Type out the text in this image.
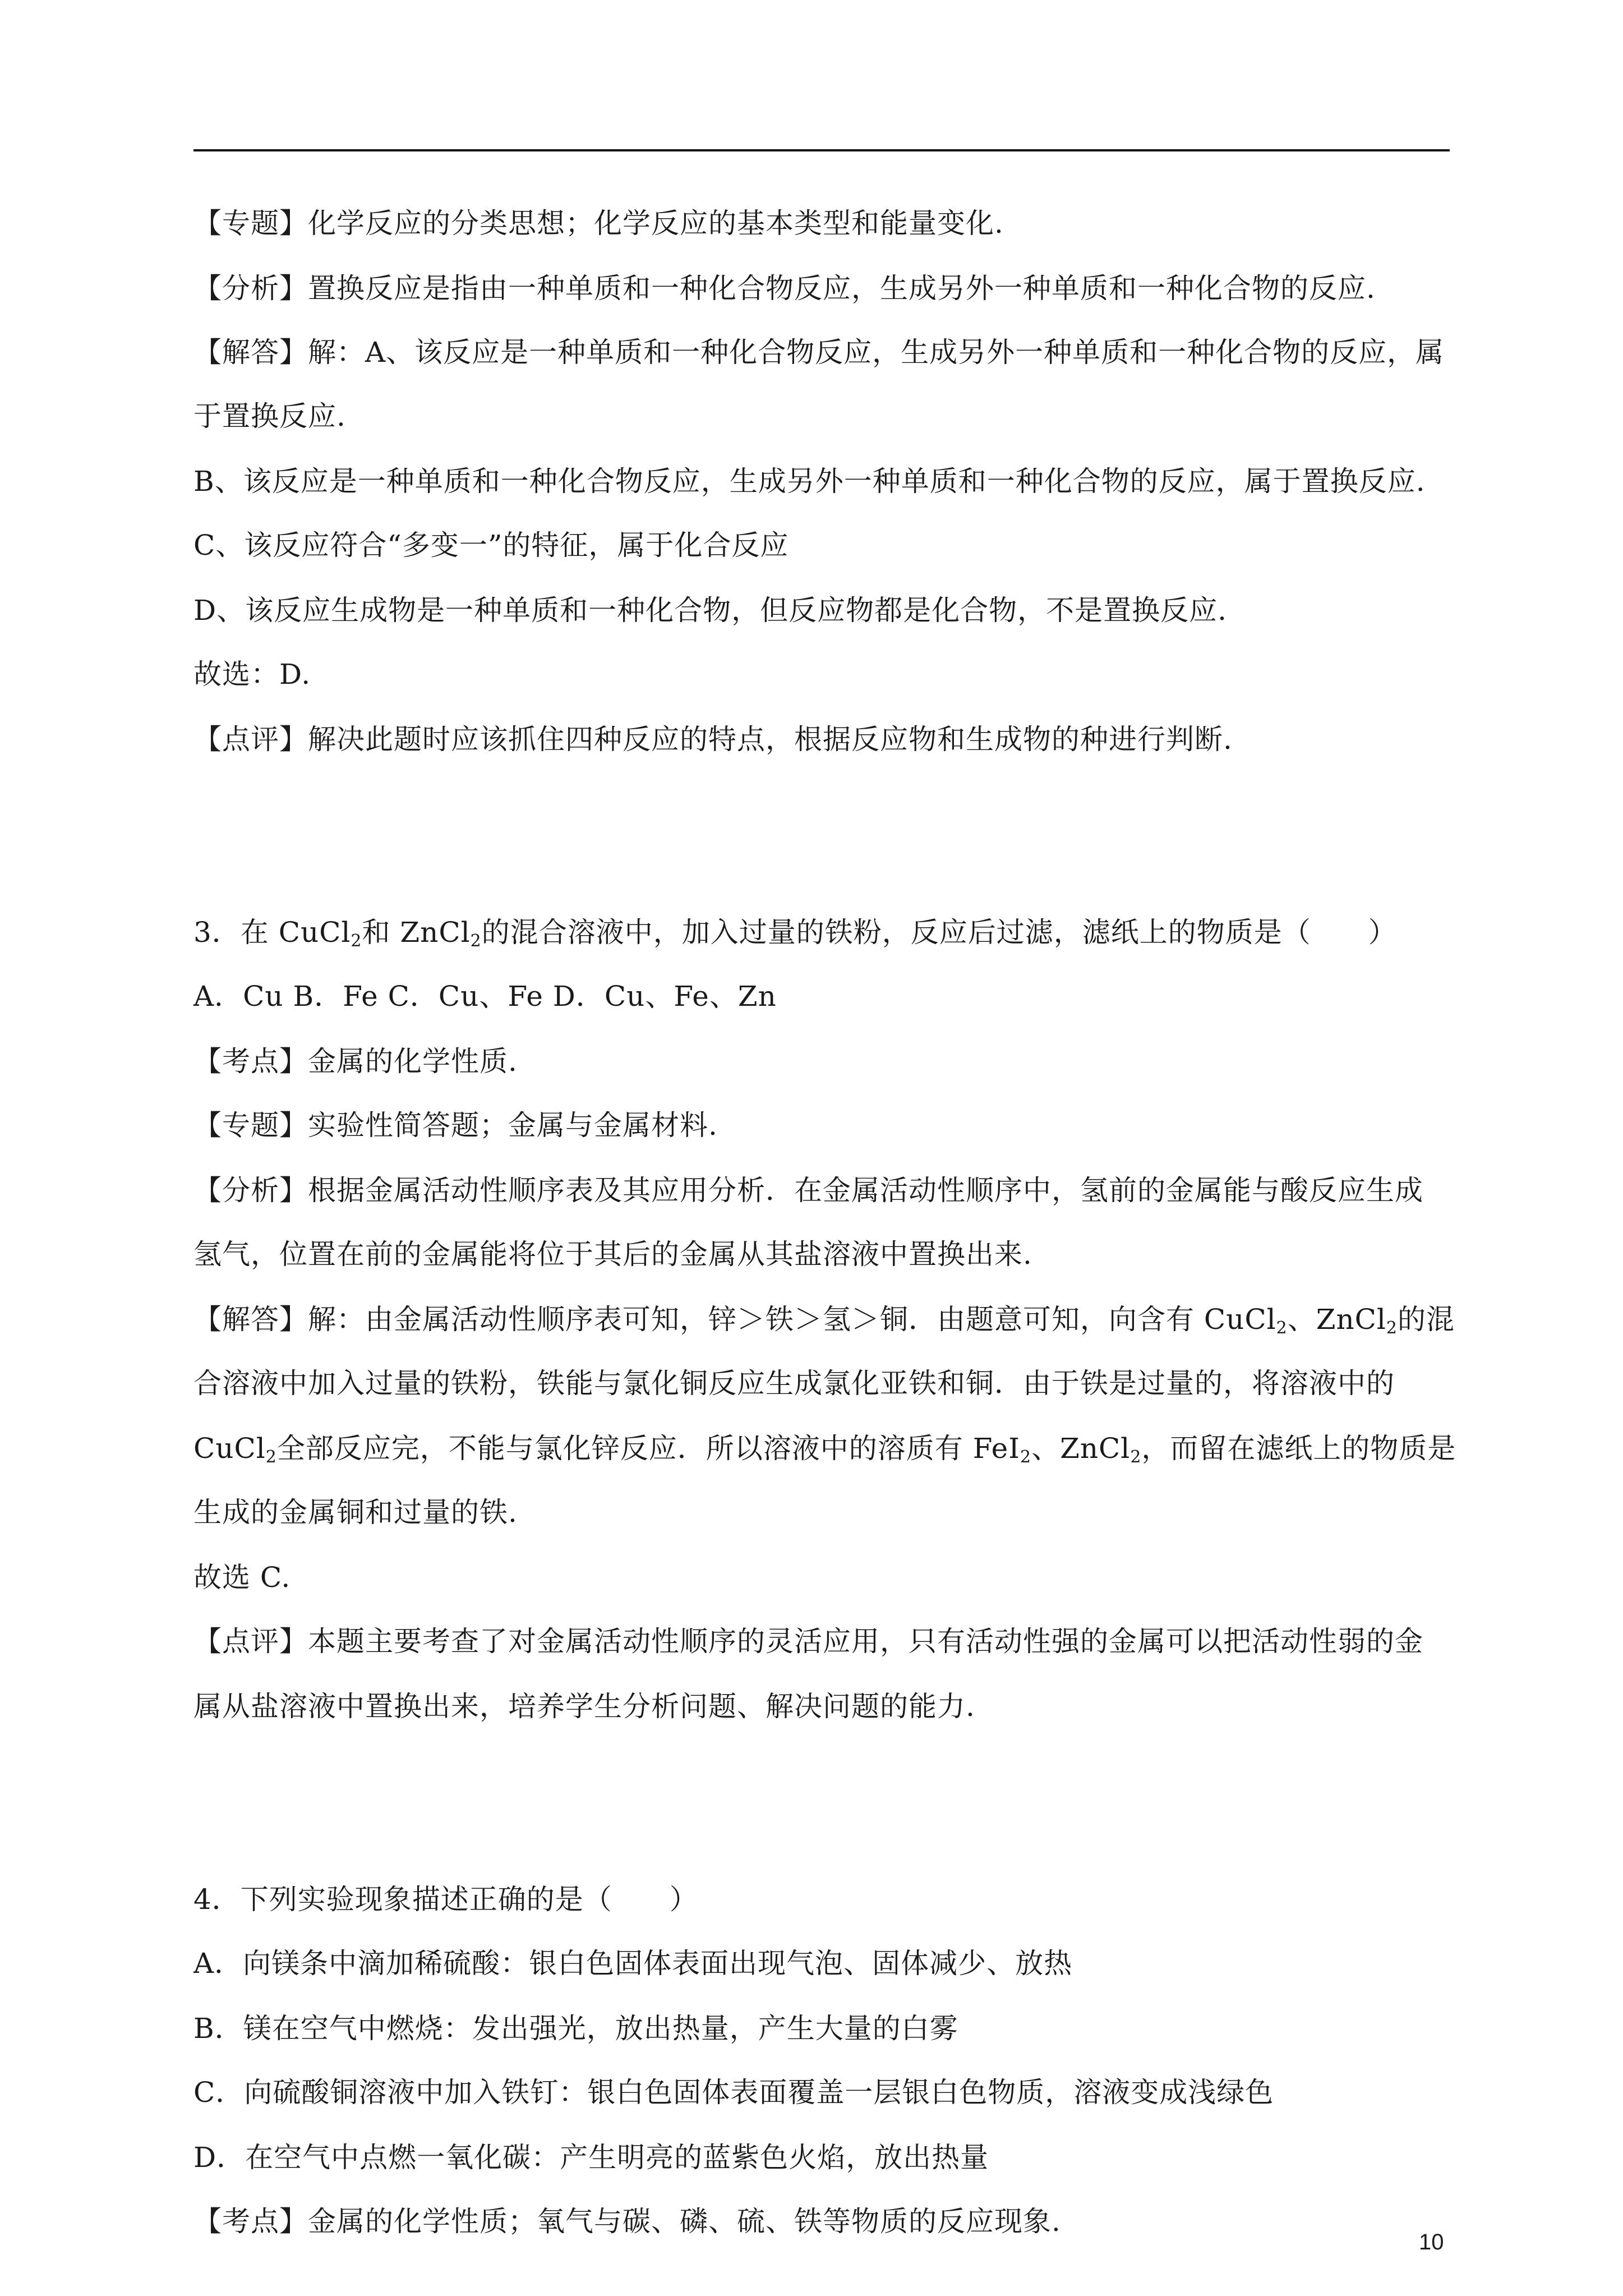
【专题】化学反应的分类思想；化学反应的基本类型和能量变化.
【分析】置换反应是指由一种单质和一种化合物反应，生成另外一种单质和一种化合物的反应.
【解答】解：A、该反应是一种单质和一种化合物反应，生成另外一种单质和一种化合物的反应，属
于置换反应.
B、该反应是一种单质和一种化合物反应，生成另外一种单质和一种化合物的反应，属于置换反应.
C、该反应符合“多变一”的特征，属于化合反应
D、该反应生成物是一种单质和一种化合物，但反应物都是化合物，不是置换反应.
故选：D.
【点评】解决此题时应该抓住四种反应的特点，根据反应物和生成物的种进行判断.
3．在 CuCl$_2$和 ZnCl$_2$的混合溶液中，加入过量的铁粉，反应后过滤，滤纸上的物质是（　　）
A．Cu B．Fe C．Cu、Fe D．Cu、Fe、Zn
【考点】金属的化学性质.
【专题】实验性简答题；金属与金属材料.
【分析】根据金属活动性顺序表及其应用分析．在金属活动性顺序中，氢前的金属能与酸反应生成
氢气，位置在前的金属能将位于其后的金属从其盐溶液中置换出来.
【解答】解：由金属活动性顺序表可知，锌＞铁＞氢＞铜．由题意可知，向含有 CuCl$_2$、ZnCl$_2$的混
合溶液中加入过量的铁粉，铁能与氯化铜反应生成氯化亚铁和铜．由于铁是过量的，将溶液中的
CuCl$_2$全部反应完，不能与氯化锌反应．所以溶液中的溶质有 FeI$_2$、ZnCl$_2$，而留在滤纸上的物质是
生成的金属铜和过量的铁.
故选 C.
【点评】本题主要考查了对金属活动性顺序的灵活应用，只有活动性强的金属可以把活动性弱的金
属从盐溶液中置换出来，培养学生分析问题、解决问题的能力.
4．下列实验现象描述正确的是（　　）
A．向镁条中滴加稀硫酸：银白色固体表面出现气泡、固体减少、放热
B．镁在空气中燃烧：发出强光，放出热量，产生大量的白雾
C．向硫酸铜溶液中加入铁钉：银白色固体表面覆盖一层银白色物质，溶液变成浅绿色
D．在空气中点燃一氧化碳：产生明亮的蓝紫色火焰，放出热量
【考点】金属的化学性质；氧气与碳、磷、硫、铁等物质的反应现象.
10
